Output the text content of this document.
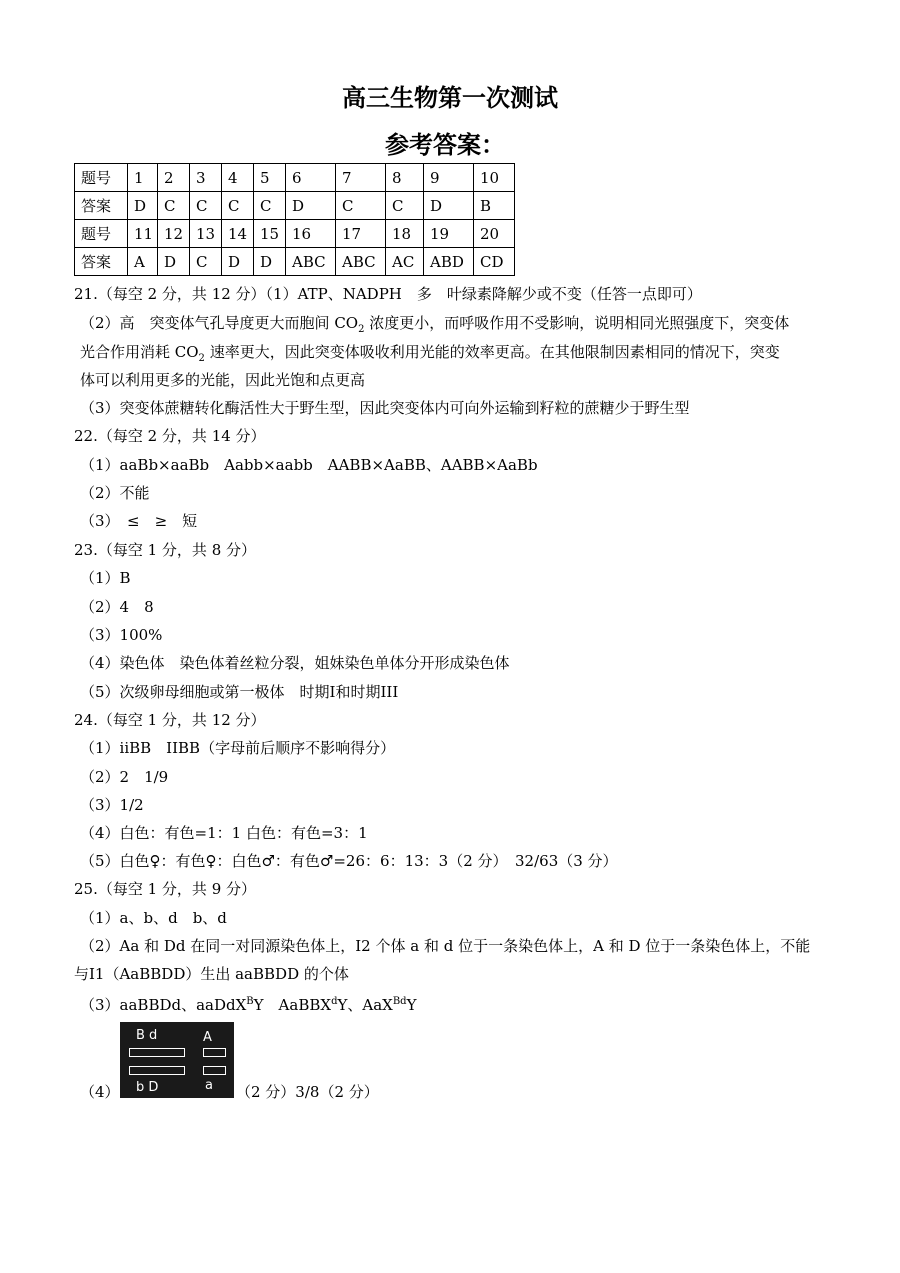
高三生物第一次测试
参考答案：
题号	1	2	3	4	5	6	7	8	9	10
答案	D	C	C	C	C	D	C	C	D	B
题号	11	12	13	14	15	16	17	18	19	20
答案	A	D	C	D	D	ABC	ABC	AC	ABD	CD
21.（每空 2 分，共 12 分）（1）ATP、NADPH　多　叶绿素降解少或不变（任答一点即可）
（2）高　突变体气孔导度更大而胞间 $CO_2$ 浓度更小，而呼吸作用不受影响，说明相同光照强度下，突变体
光合作用消耗 $CO_2$ 速率更大，因此突变体吸收利用光能的效率更高。在其他限制因素相同的情况下，突变
体可以利用更多的光能，因此光饱和点更高
（3）突变体蔗糖转化酶活性大于野生型，因此突变体内可向外运输到籽粒的蔗糖少于野生型
22.（每空 2 分，共 14 分）
（1）aaBb×aaBb　Aabb×aabb　AABB×AaBB、AABB×AaBb
（2）不能
（3）　≤　≥　短
23.（每空 1 分，共 8 分）
（1）B
（2）4　8
（3）100%
（4）染色体　染色体着丝粒分裂，姐妹染色单体分开形成染色体
（5）次级卵母细胞或第一极体　时期I和时期III
24.（每空 1 分，共 12 分）
（1）iiBB　IIBB（字母前后顺序不影响得分）
（2）2　1/9
（3）1/2
（4）白色：有色=1：1 白色：有色=3：1
（5）白色♀：有色♀：白色♂：有色♂=26：6：13：3（2 分）　32/63（3 分）
25.（每空 1 分，共 9 分）
（1）a、b、d　b、d
（2）Aa 和 Dd 在同一对同源染色体上，I2 个体 a 和 d 位于一条染色体上，A 和 D 位于一条染色体上，不能
与I1（AaBBDD）生出 aaBBDD 的个体
（3）aaBBDd、aaDdX$^B$Y　AaBBX$^d$Y、AaX$^{Bd}$Y
（4）
B d
b D
A
a （2 分）3/8（2 分）
